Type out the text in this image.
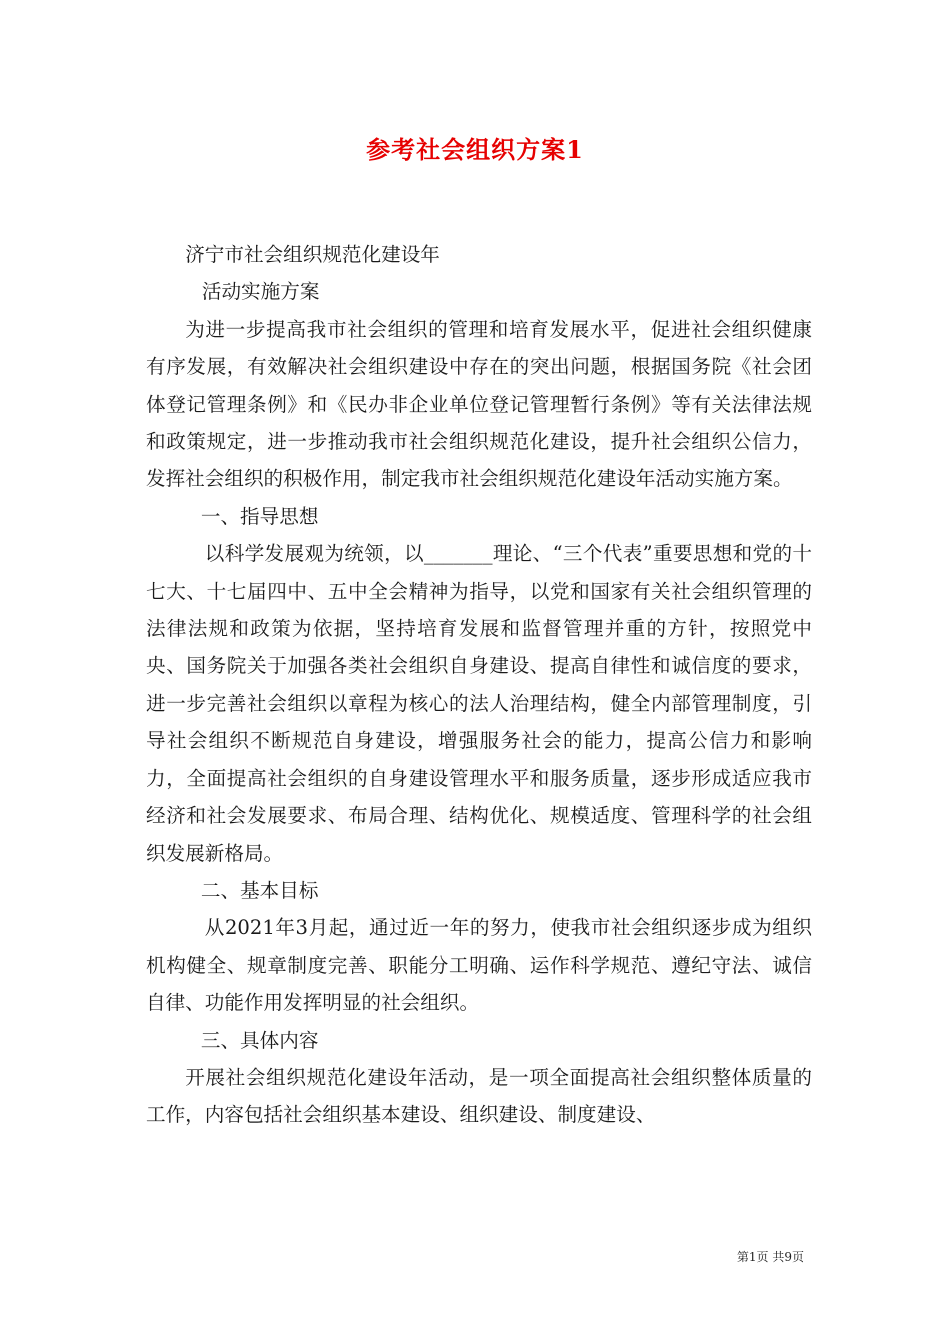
参考社会组织方案1

济宁市社会组织规范化建设年

活动实施方案

为进一步提高我市社会组织的管理和培育发展水平，促进社会组织健康有序发展，有效解决社会组织建设中存在的突出问题，根据国务院《社会团体登记管理条例》和《民办非企业单位登记管理暂行条例》等有关法律法规和政策规定，进一步推动我市社会组织规范化建设，提升社会组织公信力，发挥社会组织的积极作用，制定我市社会组织规范化建设年活动实施方案。

一、指导思想

以科学发展观为统领，以_______理论、“三个代表”重要思想和党的十七大、十七届四中、五中全会精神为指导，以党和国家有关社会组织管理的法律法规和政策为依据，坚持培育发展和监督管理并重的方针，按照党中央、国务院关于加强各类社会组织自身建设、提高自律性和诚信度的要求，进一步完善社会组织以章程为核心的法人治理结构，健全内部管理制度，引导社会组织不断规范自身建设，增强服务社会的能力，提高公信力和影响力，全面提高社会组织的自身建设管理水平和服务质量，逐步形成适应我市经济和社会发展要求、布局合理、结构优化、规模适度、管理科学的社会组织发展新格局。

二、基本目标

从2021年3月起，通过近一年的努力，使我市社会组织逐步成为组织机构健全、规章制度完善、职能分工明确、运作科学规范、遵纪守法、诚信自律、功能作用发挥明显的社会组织。

三、具体内容

开展社会组织规范化建设年活动，是一项全面提高社会组织整体质量的工作，内容包括社会组织基本建设、组织建设、制度建设、

第1页 共9页
